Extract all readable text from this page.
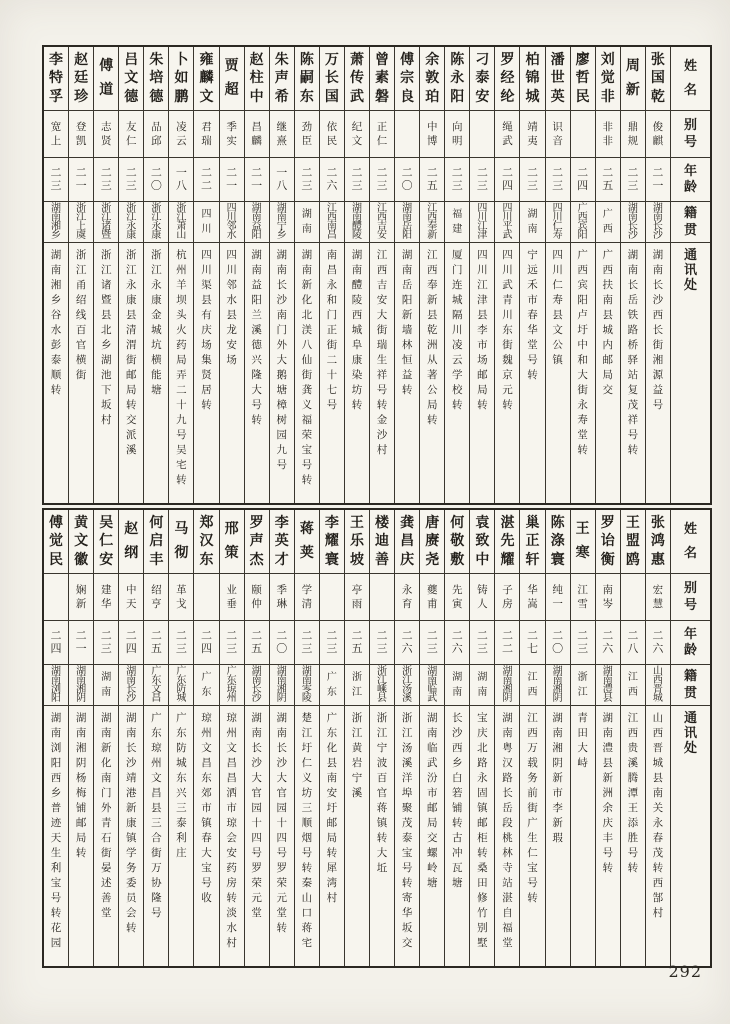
李
特
孚
宽
上
二
三
湖
南
湘
乡
湖
南
湘
乡
谷
水
彭
泰
顺
转
赵
廷
珍
登
凯
二
一
浙
江
上
虞
浙
江
甬
绍
线
百
官
横
街
傅
道
志
贤
二
三
浙
江
诸
暨
浙
江
诸
暨
县
北
乡
湖
池
下
坂
村
吕
文
德
友
仁
二
三
浙
江
永
康
浙
江
永
康
县
清
渭
街
邮
局
转
交
派
溪
朱
培
德
品
邱
二
〇
浙
江
永
康
浙
江
永
康
金
城
坑
横
能
塘
卜
如
鹏
凌
云
一
八
浙
江
萧
山
杭
州
羊
坝
头
火
药
局
弄
二
十
九
号
吴
宅
转
雍
麟
文
君
瑞
二
二
四
川
四
川
渠
县
有
庆
场
集
贤
居
转
贾
超
季
实
二
一
四
川
邻
水
四
川
邻
水
县
龙
安
场
赵
柱
中
昌
麟
二
一
湖
南
益
阳
湖
南
益
阳
兰
溪
德
兴
隆
大
号
转
朱
声
希
继
熹
一
八
湖
南
宁
乡
湖
南
长
沙
南
门
外
大
鹅
塘
樟
树
园
九
号
陈
嗣
东
劲
臣
二
三
湖
南
湖
南
新
化
北
渼
八
仙
街
龚
义
福
荣
宝
号
转
万
长
国
依
民
二
六
江
西
南
昌
南
昌
永
和
门
正
街
二
十
七
号
萧
传
武
纪
文
二
三
湖
南
醴
陵
湖
南
醴
陵
西
城
阜
康
染
坊
转
曾
素
磐
正
仁
二
三
江
西
吉
安
江
西
吉
安
大
街
瑞
生
祥
号
转
金
沙
村
傅
宗
良
二
〇
湖
南
岳
阳
湖
南
岳
阳
新
墙
林
恒
益
转
余
敦
珀
中
博
二
五
江
西
奉
新
江
西
奉
新
县
乾
洲
从
著
公
局
转
陈
永
阳
向
明
二
三
福
建
厦
门
连
城
隔
川
凌
云
学
校
转
刁
泰
安
二
三
四
川
江
津
四
川
江
津
县
李
市
场
邮
局
转
罗
经
纶
绳
武
二
四
四
川
平
武
四
川
武
青
川
东
街
魏
京
元
转
柏
锦
城
靖
夷
二
三
湖
南
宁
远
禾
市
春
华
堂
号
转
潘
世
英
识
音
二
三
四
川
仁
寿
四
川
仁
寿
县
文
公
镇
廖
哲
民
二
四
广
西
宾
阳
广
西
宾
阳
卢
圩
中
和
大
街
永
寿
堂
转
刘
觉
非
非
非
二
五
广
西
广
西
扶
南
县
城
内
邮
局
交
周
新
鼎
规
二
三
湖
南
长
沙
湖
南
长
岳
铁
路
桥
驿
站
复
茂
祥
号
转
张
国
乾
俊
麒
二
一
湖
南
长
沙
湖
南
长
沙
西
长
街
湘
源
益
号
姓
名
别
号
年
龄
籍
贯
通
讯
处
傅
觉
民
二
四
湖
南
浏
阳
湖
南
浏
阳
西
乡
普
迹
天
生
利
宝
号
转
花
园
黄
文
徽
娴
新
二
一
湖
南
湘
阴
湖
南
湘
阴
杨
梅
铺
邮
局
转
吴
仁
安
建
华
二
三
湖
南
湖
南
新
化
南
门
外
青
石
街
晏
述
善
堂
赵
纲
中
天
二
四
湖
南
长
沙
湖
南
长
沙
靖
港
新
康
镇
学
务
委
员
会
转
何
启
丰
绍
亨
二
五
广
东
文
昌
广
东
琼
州
文
昌
县
三
合
街
万
协
隆
号
马
彻
革
戈
二
三
广
东
防
城
广
东
防
城
东
兴
三
泰
利
庄
郑
汉
东
二
四
广
东
琼
州
文
昌
东
郊
市
镇
春
大
宝
号
收
邢
策
业
垂
二
三
广
东
琼
州
琼
州
文
昌
昌
洒
市
琼
会
安
药
房
转
淡
水
村
罗
声
杰
颐
仲
二
五
湖
南
长
沙
湖
南
长
沙
大
官
园
十
四
号
罗
荣
元
堂
李
英
才
季
琳
二
〇
湖
南
湘
阴
湖
南
长
沙
大
官
园
十
四
号
罗
荣
元
堂
转
蒋
荚
学
清
二
三
湖
南
零
陵
楚
江
圩
仁
义
坊
三
顺
烟
号
转
秦
山
口
蒋
宅
李
耀
寰
二
三
广
东
广
东
化
县
南
安
圩
邮
局
转
犀
湾
村
王
乐
坡
亭
雨
二
五
浙
江
浙
江
黄
岩
宁
溪
楼
迪
善
二
三
浙
江
嵊
县
浙
江
宁
波
百
官
蒋
镇
转
大
坵
龚
昌
庆
永
育
二
六
浙
江
汤
溪
浙
江
汤
溪
洋
埠
聚
茂
泰
宝
号
转
寄
华
坂
交
唐
赓
尧
夔
甫
二
三
湖
南
临
武
湖
南
临
武
汾
市
邮
局
交
螺
岭
塘
何
敬
敷
先
寅
二
六
湖
南
长
沙
西
乡
白
箬
铺
转
古
冲
瓦
塘
袁
致
中
铸
人
二
三
湖
南
宝
庆
北
路
永
固
镇
邮
柜
转
桑
田
修
竹
别
墅
湛
先
耀
子
房
二
二
湖
南
湘
阴
湖
南
粤
汉
路
长
岳
段
桃
林
寺
站
湛
自
福
堂
巢
正
轩
华
嵩
二
七
江
西
江
西
万
载
务
前
街
广
生
仁
宝
号
转
陈
涤
寰
纯
一
二
〇
湖
南
湘
阴
湖
南
湘
阴
新
市
李
新
瑕
王
寒
江
雪
二
三
浙
江
青
田
大
峙
罗
诒
衡
南
岑
二
六
湖
南
澧
县
湖
南
澧
县
新
洲
余
庆
丰
号
转
王
盟
鸥
二
八
江
西
江
西
贵
溪
腾
潭
王
添
胜
号
转
张
鸿
惠
宏
慧
二
六
山
西
晋
城
山
西
晋
城
县
南
关
永
春
茂
转
西
郜
村
姓
名
别
号
年
龄
籍
贯
通
讯
处
292
